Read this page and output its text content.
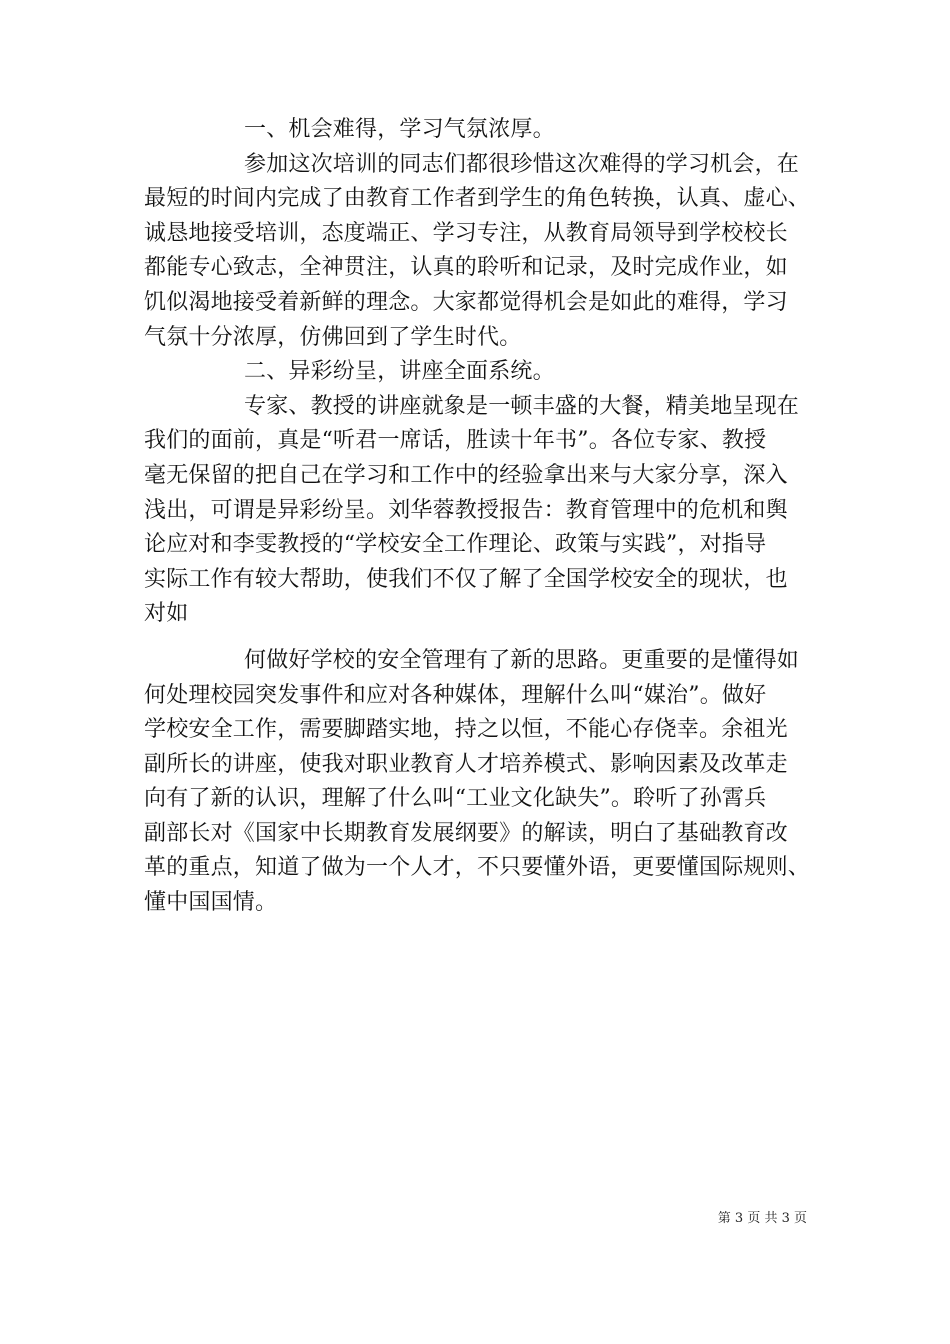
一、机会难得，学习气氛浓厚。

参加这次培训的同志们都很珍惜这次难得的学习机会，在
最短的时间内完成了由教育工作者到学生的角色转换，认真、虚心、
诚恳地接受培训，态度端正、学习专注，从教育局领导到学校校长
都能专心致志，全神贯注，认真的聆听和记录，及时完成作业，如
饥似渴地接受着新鲜的理念。大家都觉得机会是如此的难得，学习
气氛十分浓厚，仿佛回到了学生时代。

二、异彩纷呈，讲座全面系统。

专家、教授的讲座就象是一顿丰盛的大餐，精美地呈现在
我们的面前，真是“听君一席话，胜读十年书”。各位专家、教授
毫无保留的把自己在学习和工作中的经验拿出来与大家分享，深入
浅出，可谓是异彩纷呈。刘华蓉教授报告：教育管理中的危机和舆
论应对和李雯教授的“学校安全工作理论、政策与实践”，对指导
实际工作有较大帮助，使我们不仅了解了全国学校安全的现状，也
对如

何做好学校的安全管理有了新的思路。更重要的是懂得如
何处理校园突发事件和应对各种媒体，理解什么叫“媒治”。做好
学校安全工作，需要脚踏实地，持之以恒，不能心存侥幸。余祖光
副所长的讲座，使我对职业教育人才培养模式、影响因素及改革走
向有了新的认识，理解了什么叫“工业文化缺失”。聆听了孙霄兵
副部长对《国家中长期教育发展纲要》的解读，明白了基础教育改
革的重点，知道了做为一个人才，不只要懂外语，更要懂国际规则、
懂中国国情。

第 3 页 共 3 页
